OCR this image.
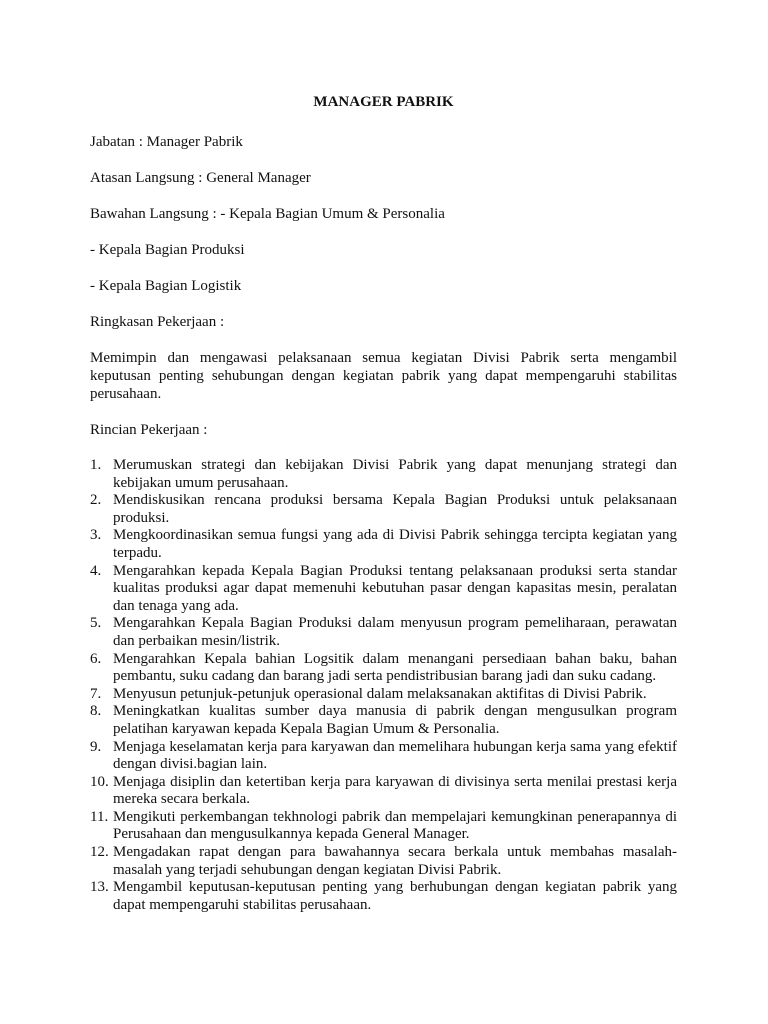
MANAGER PABRIK

Jabatan : Manager Pabrik

Atasan Langsung : General Manager

Bawahan Langsung : - Kepala Bagian Umum & Personalia

- Kepala Bagian Produksi

- Kepala Bagian Logistik

Ringkasan Pekerjaan :

Memimpin dan mengawasi pelaksanaan semua kegiatan Divisi Pabrik serta mengambil keputusan penting sehubungan dengan kegiatan pabrik yang dapat mempengaruhi stabilitas perusahaan.

Rincian Pekerjaan :

1. Merumuskan strategi dan kebijakan Divisi Pabrik yang dapat menunjang strategi dan kebijakan umum perusahaan.
2. Mendiskusikan rencana produksi bersama Kepala Bagian Produksi untuk pelaksanaan produksi.
3. Mengkoordinasikan semua fungsi yang ada di Divisi Pabrik sehingga tercipta kegiatan yang terpadu.
4. Mengarahkan kepada Kepala Bagian Produksi tentang pelaksanaan produksi serta standar kualitas produksi agar dapat memenuhi kebutuhan pasar dengan kapasitas mesin, peralatan dan tenaga yang ada.
5. Mengarahkan Kepala Bagian Produksi dalam menyusun program pemeliharaan, perawatan dan perbaikan mesin/listrik.
6. Mengarahkan Kepala bahian Logsitik dalam menangani persediaan bahan baku, bahan pembantu, suku cadang dan barang jadi serta pendistribusian barang jadi dan suku cadang.
7. Menyusun petunjuk-petunjuk operasional dalam melaksanakan aktifitas di Divisi Pabrik.
8. Meningkatkan kualitas sumber daya manusia di pabrik dengan mengusulkan program pelatihan karyawan kepada Kepala Bagian Umum & Personalia.
9. Menjaga keselamatan kerja para karyawan dan memelihara hubungan kerja sama yang efektif dengan divisi.bagian lain.
10. Menjaga disiplin dan ketertiban kerja para karyawan di divisinya serta menilai prestasi kerja mereka secara berkala.
11. Mengikuti perkembangan tekhnologi pabrik dan mempelajari kemungkinan penerapannya di Perusahaan dan mengusulkannya kepada General Manager.
12. Mengadakan rapat dengan para bawahannya secara berkala untuk membahas masalah-masalah yang terjadi sehubungan dengan kegiatan Divisi Pabrik.
13. Mengambil keputusan-keputusan penting yang berhubungan dengan kegiatan pabrik yang dapat mempengaruhi stabilitas perusahaan.
